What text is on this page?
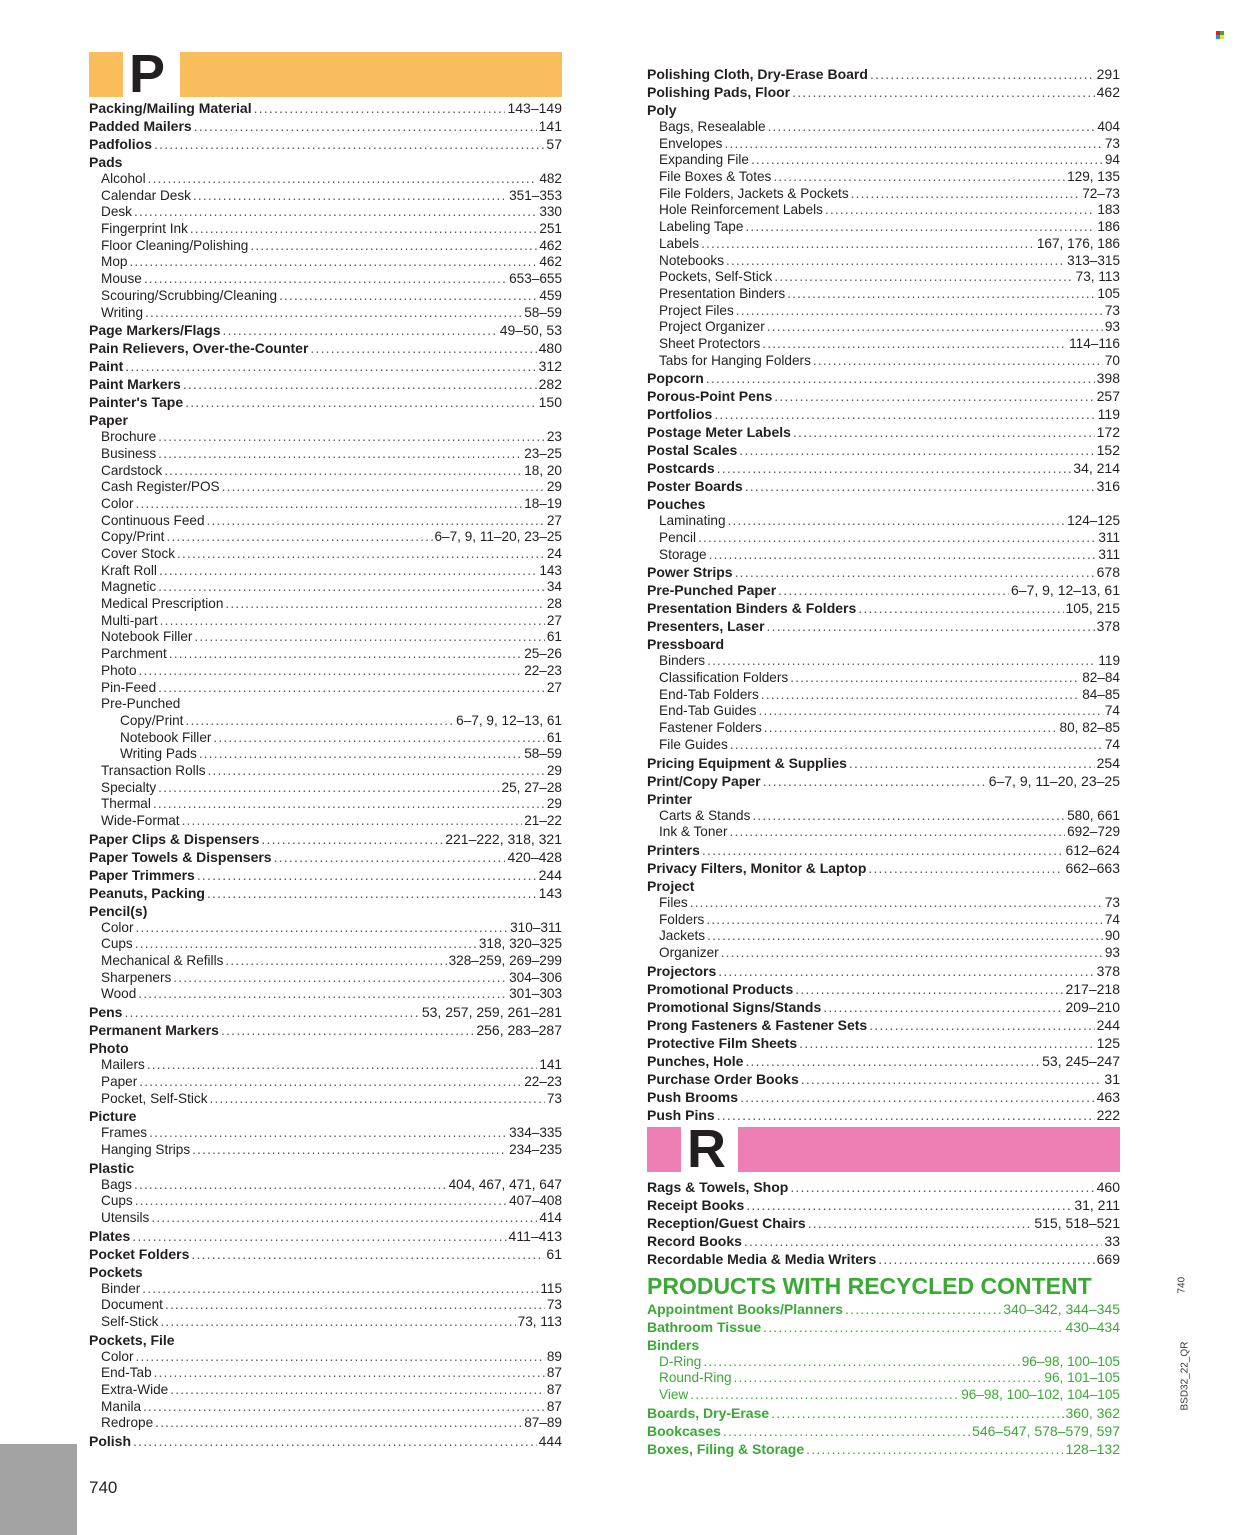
740
BSD32_22_QR
P
Packing/Mailing Material .....	143–149
Padded Mailers .....	141
Padfolios .....	57
Pads
Alcohol .....	482
Calendar Desk .....	351–353
Desk .....	330
Fingerprint Ink .....	251
Floor Cleaning/Polishing .....	462
Mop .....	462
Mouse .....	653–655
Scouring/Scrubbing/Cleaning .....	459
Writing .....	58–59
Page Markers/Flags .....	49–50, 53
Pain Relievers, Over-the-Counter .....	480
Paint .....	312
Paint Markers .....	282
Painter's Tape .....	150
Paper
Brochure .....	23
Business .....	23–25
Cardstock .....	18, 20
Cash Register/POS .....	29
Color .....	18–19
Continuous Feed .....	27
Copy/Print .....	6–7, 9, 11–20, 23–25
Cover Stock .....	24
Kraft Roll .....	143
Magnetic .....	34
Medical Prescription .....	28
Multi-part .....	27
Notebook Filler .....	61
Parchment .....	25–26
Photo .....	22–23
Pin-Feed .....	27
Pre-Punched
Copy/Print .....	6–7, 9, 12–13, 61
Notebook Filler .....	61
Writing Pads .....	58–59
Transaction Rolls .....	29
Specialty .....	25, 27–28
Thermal .....	29
Wide-Format .....	21–22
Paper Clips & Dispensers .....	221–222, 318, 321
Paper Towels & Dispensers .....	420–428
Paper Trimmers .....	244
Peanuts, Packing .....	143
Pencil(s)
Color .....	310–311
Cups .....	318, 320–325
Mechanical & Refills .....	328–259, 269–299
Sharpeners .....	304–306
Wood .....	301–303
Pens .....	53, 257, 259, 261–281
Permanent Markers .....	256, 283–287
Photo
Mailers .....	141
Paper .....	22–23
Pocket, Self-Stick .....	73
Picture
Frames .....	334–335
Hanging Strips .....	234–235
Plastic
Bags .....	404, 467, 471, 647
Cups .....	407–408
Utensils .....	414
Plates .....	411–413
Pocket Folders .....	61
Pockets
Binder .....	115
Document .....	73
Self-Stick .....	73, 113
Pockets, File
Color .....	89
End-Tab .....	87
Extra-Wide .....	87
Manila .....	87
Redrope .....	87–89
Polish .....	444
Polishing Cloth, Dry-Erase Board .....	291
Polishing Pads, Floor .....	462
Poly
Bags, Resealable .....	404
Envelopes .....	73
Expanding File .....	94
File Boxes & Totes .....	129, 135
File Folders, Jackets & Pockets .....	72–73
Hole Reinforcement Labels .....	183
Labeling Tape .....	186
Labels .....	167, 176, 186
Notebooks .....	313–315
Pockets, Self-Stick .....	73, 113
Presentation Binders .....	105
Project Files .....	73
Project Organizer .....	93
Sheet Protectors .....	114–116
Tabs for Hanging Folders .....	70
Popcorn .....	398
Porous-Point Pens .....	257
Portfolios .....	119
Postage Meter Labels .....	172
Postal Scales .....	152
Postcards .....	34, 214
Poster Boards .....	316
Pouches
Laminating .....	124–125
Pencil .....	311
Storage .....	311
Power Strips .....	678
Pre-Punched Paper .....	6–7, 9, 12–13, 61
Presentation Binders & Folders .....	105, 215
Presenters, Laser .....	378
Pressboard
Binders .....	119
Classification Folders .....	82–84
End-Tab Folders .....	84–85
End-Tab Guides .....	74
Fastener Folders .....	80, 82–85
File Guides .....	74
Pricing Equipment & Supplies .....	254
Print/Copy Paper .....	6–7, 9, 11–20, 23–25
Printer
Carts & Stands .....	580, 661
Ink & Toner .....	692–729
Printers .....	612–624
Privacy Filters, Monitor & Laptop .....	662–663
Project
Files .....	73
Folders .....	74
Jackets .....	90
Organizer .....	93
Projectors .....	378
Promotional Products .....	217–218
Promotional Signs/Stands .....	209–210
Prong Fasteners & Fastener Sets .....	244
Protective Film Sheets .....	125
Punches, Hole .....	53, 245–247
Purchase Order Books .....	31
Push Brooms .....	463
Push Pins .....	222
R
Rags & Towels, Shop .....	460
Receipt Books .....	31, 211
Reception/Guest Chairs .....	515, 518–521
Record Books .....	33
Recordable Media & Media Writers .....	669
PRODUCTS WITH RECYCLED CONTENT
Appointment Books/Planners .....	340–342, 344–345
Bathroom Tissue .....	430–434
Binders
D-Ring .....	96–98, 100–105
Round-Ring .....	96, 101–105
View .....	96–98, 100–102, 104–105
Boards, Dry-Erase .....	360, 362
Bookcases .....	546–547, 578–579, 597
Boxes, Filing & Storage .....	128–132
740
